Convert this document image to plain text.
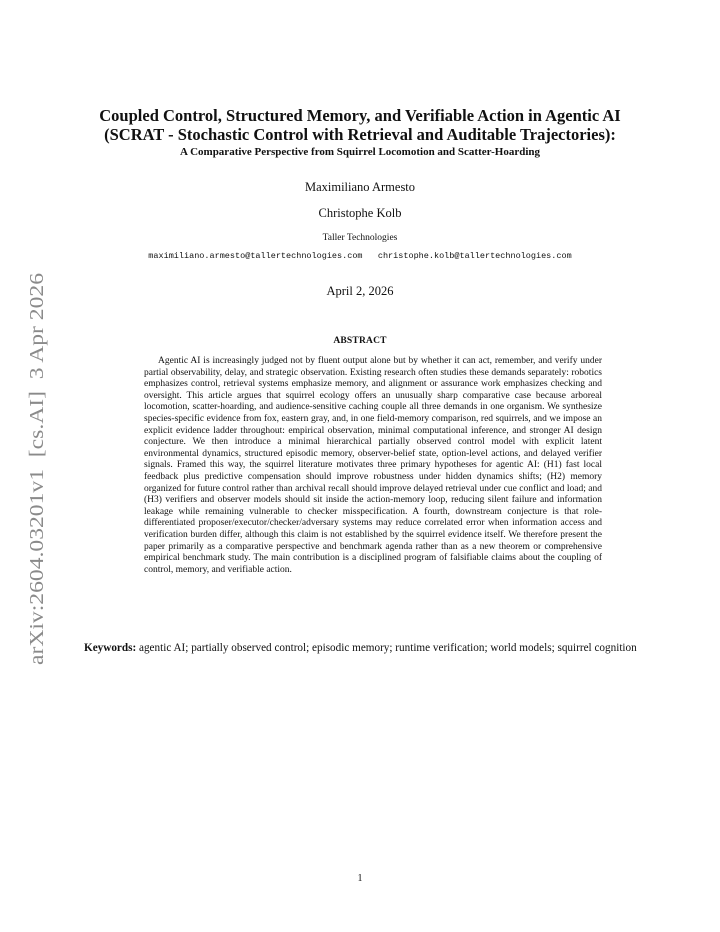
arXiv:2604.03201v1  [cs.AI]  3 Apr 2026
Coupled Control, Structured Memory, and Verifiable Action in Agentic AI
(SCRAT - Stochastic Control with Retrieval and Auditable Trajectories):
A Comparative Perspective from Squirrel Locomotion and Scatter-Hoarding
Maximiliano Armesto
Christophe Kolb
Taller Technologies
maximiliano.armesto@tallertechnologies.com christophe.kolb@tallertechnologies.com
April 2, 2026
ABSTRACT

Agentic AI is increasingly judged not by fluent output alone but by whether it can act, remember, and verify under partial observability, delay, and strategic observation. Existing research often studies these demands separately: robotics emphasizes control, retrieval systems emphasize memory, and alignment or assurance work emphasizes checking and oversight. This article argues that squirrel ecology offers an unusually sharp comparative case because arboreal locomotion, scatter-hoarding, and audience-sensitive caching couple all three demands in one organism. We synthesize species-specific evidence from fox, eastern gray, and, in one field-memory comparison, red squirrels, and we impose an explicit evidence ladder throughout: empirical observation, minimal computational inference, and stronger AI design conjecture. We then introduce a minimal hierarchical partially observed control model with explicit latent environmental dynamics, structured episodic memory, observer-belief state, option-level actions, and delayed verifier signals. Framed this way, the squirrel literature motivates three primary hypotheses for agentic AI: (H1) fast local feedback plus predictive compensation should improve robustness under hidden dynamics shifts; (H2) memory organized for future control rather than archival recall should improve delayed retrieval under cue conflict and load; and (H3) verifiers and observer models should sit inside the action-memory loop, reducing silent failure and information leakage while remaining vulnerable to checker misspecification. A fourth, downstream conjecture is that role-differentiated proposer/executor/checker/adversary systems may reduce correlated error when information access and verification burden differ, although this claim is not established by the squirrel evidence itself. We therefore present the paper primarily as a comparative perspective and benchmark agenda rather than as a new theorem or comprehensive empirical benchmark study. The main contribution is a disciplined program of falsifiable claims about the coupling of control, memory, and verifiable action.

Keywords: agentic AI; partially observed control; episodic memory; runtime verification; world models; squirrel cognition

1
